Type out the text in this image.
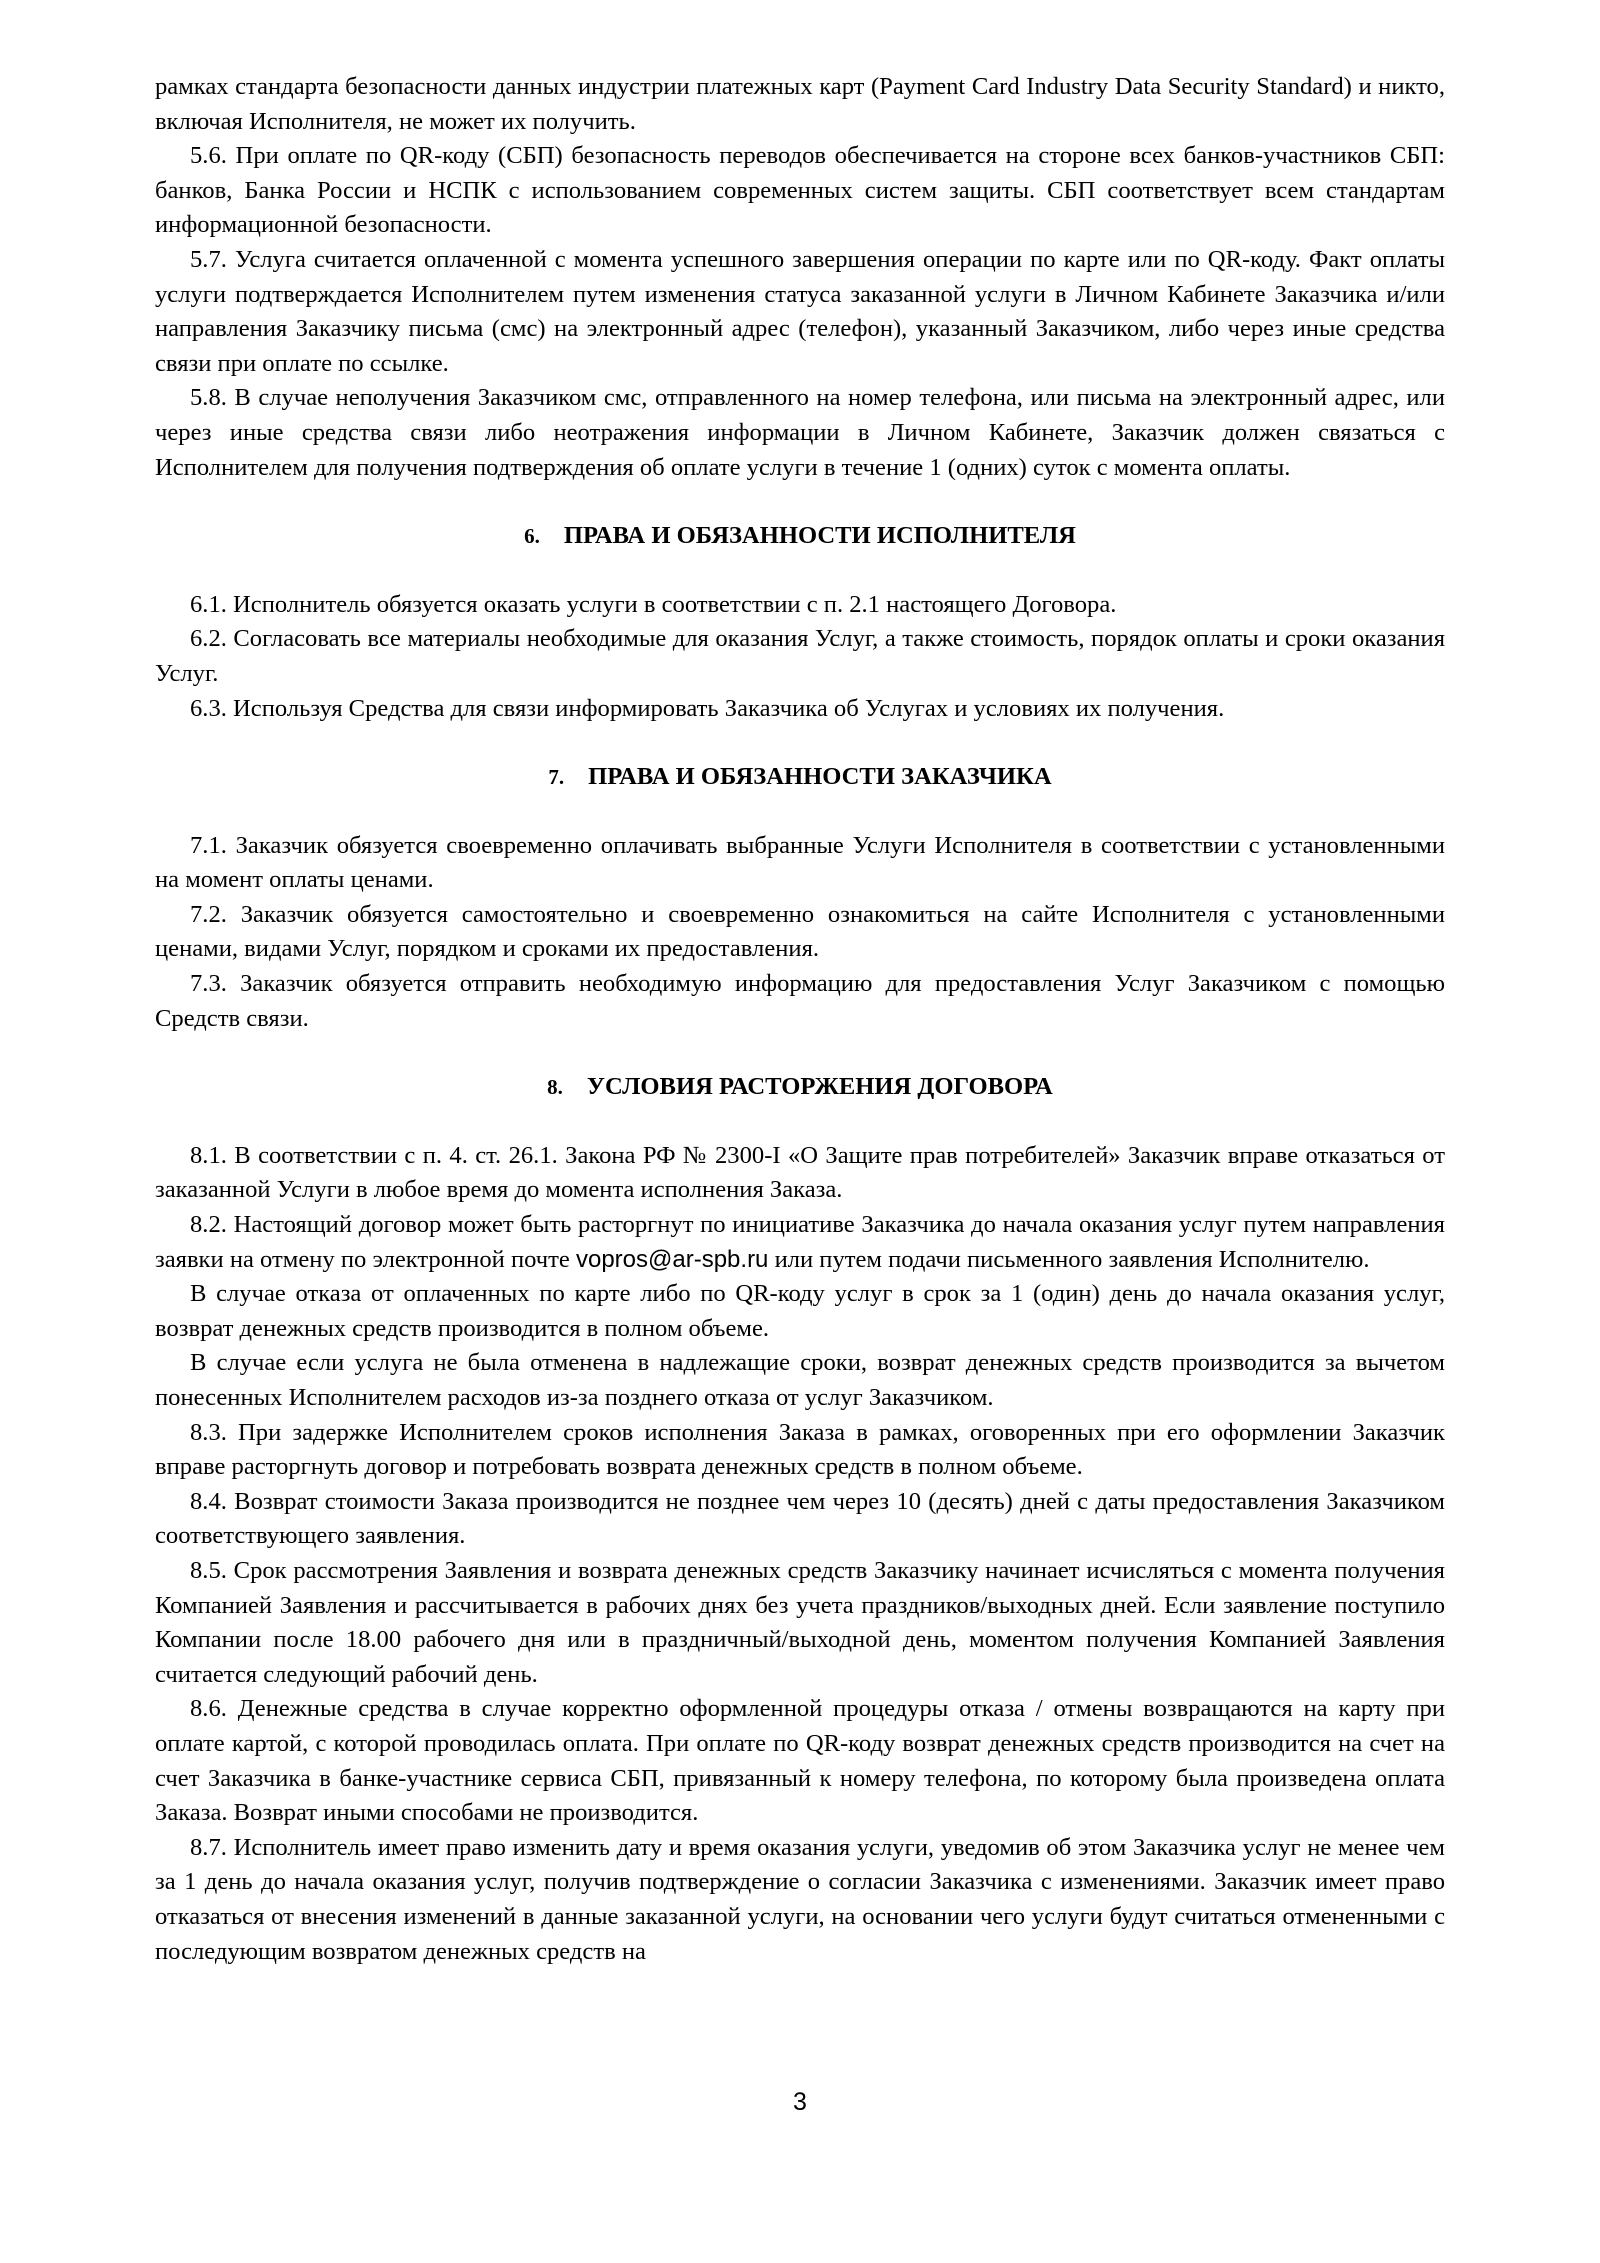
рамках стандарта безопасности данных индустрии платежных карт (Payment Card Industry Data Security Standard) и никто, включая Исполнителя, не может их получить.

5.6. При оплате по QR-коду (СБП) безопасность переводов обеспечивается на стороне всех банков-участников СБП: банков, Банка России и НСПК с использованием современных систем защиты. СБП соответствует всем стандартам информационной безопасности.

5.7. Услуга считается оплаченной с момента успешного завершения операции по карте или по QR-коду. Факт оплаты услуги подтверждается Исполнителем путем изменения статуса заказанной услуги в Личном Кабинете Заказчика и/или направления Заказчику письма (смс) на электронный адрес (телефон), указанный Заказчиком, либо через иные средства связи при оплате по ссылке.

5.8. В случае неполучения Заказчиком смс, отправленного на номер телефона, или письма на электронный адрес, или через иные средства связи либо неотражения информации в Личном Кабинете, Заказчик должен связаться с Исполнителем для получения подтверждения об оплате услуги в течение 1 (одних) суток с момента оплаты.

6. ПРАВА И ОБЯЗАННОСТИ ИСПОЛНИТЕЛЯ

6.1. Исполнитель обязуется оказать услуги в соответствии с п. 2.1 настоящего Договора.

6.2. Согласовать все материалы необходимые для оказания Услуг, а также стоимость, порядок оплаты и сроки оказания Услуг.

6.3. Используя Средства для связи информировать Заказчика об Услугах и условиях их получения.

7. ПРАВА И ОБЯЗАННОСТИ ЗАКАЗЧИКА

7.1. Заказчик обязуется своевременно оплачивать выбранные Услуги Исполнителя в соответствии с установленными на момент оплаты ценами.

7.2. Заказчик обязуется самостоятельно и своевременно ознакомиться на сайте Исполнителя с установленными ценами, видами Услуг, порядком и сроками их предоставления.

7.3. Заказчик обязуется отправить необходимую информацию для предоставления Услуг Заказчиком с помощью Средств связи.

8. УСЛОВИЯ РАСТОРЖЕНИЯ ДОГОВОРА

8.1. В соответствии с п. 4. ст. 26.1. Закона РФ № 2300-I «О Защите прав потребителей» Заказчик вправе отказаться от заказанной Услуги в любое время до момента исполнения Заказа.

8.2. Настоящий договор может быть расторгнут по инициативе Заказчика до начала оказания услуг путем направления заявки на отмену по электронной почте vopros@ar-spb.ru или путем подачи письменного заявления Исполнителю.

В случае отказа от оплаченных по карте либо по QR-коду услуг в срок за 1 (один) день до начала оказания услуг, возврат денежных средств производится в полном объеме.

В случае если услуга не была отменена в надлежащие сроки, возврат денежных средств производится за вычетом понесенных Исполнителем расходов из-за позднего отказа от услуг Заказчиком.

8.3. При задержке Исполнителем сроков исполнения Заказа в рамках, оговоренных при его оформлении Заказчик вправе расторгнуть договор и потребовать возврата денежных средств в полном объеме.

8.4. Возврат стоимости Заказа производится не позднее чем через 10 (десять) дней с даты предоставления Заказчиком соответствующего заявления.

8.5. Срок рассмотрения Заявления и возврата денежных средств Заказчику начинает исчисляться с момента получения Компанией Заявления и рассчитывается в рабочих днях без учета праздников/выходных дней. Если заявление поступило Компании после 18.00 рабочего дня или в праздничный/выходной день, моментом получения Компанией Заявления считается следующий рабочий день.

8.6. Денежные средства в случае корректно оформленной процедуры отказа / отмены возвращаются на карту при оплате картой, с которой проводилась оплата. При оплате по QR-коду возврат денежных средств производится на счет на счет Заказчика в банке-участнике сервиса СБП, привязанный к номеру телефона, по которому была произведена оплата Заказа. Возврат иными способами не производится.

8.7. Исполнитель имеет право изменить дату и время оказания услуги, уведомив об этом Заказчика услуг не менее чем за 1 день до начала оказания услуг, получив подтверждение о согласии Заказчика с изменениями. Заказчик имеет право отказаться от внесения изменений в данные заказанной услуги, на основании чего услуги будут считаться отмененными с последующим возвратом денежных средств на

3
